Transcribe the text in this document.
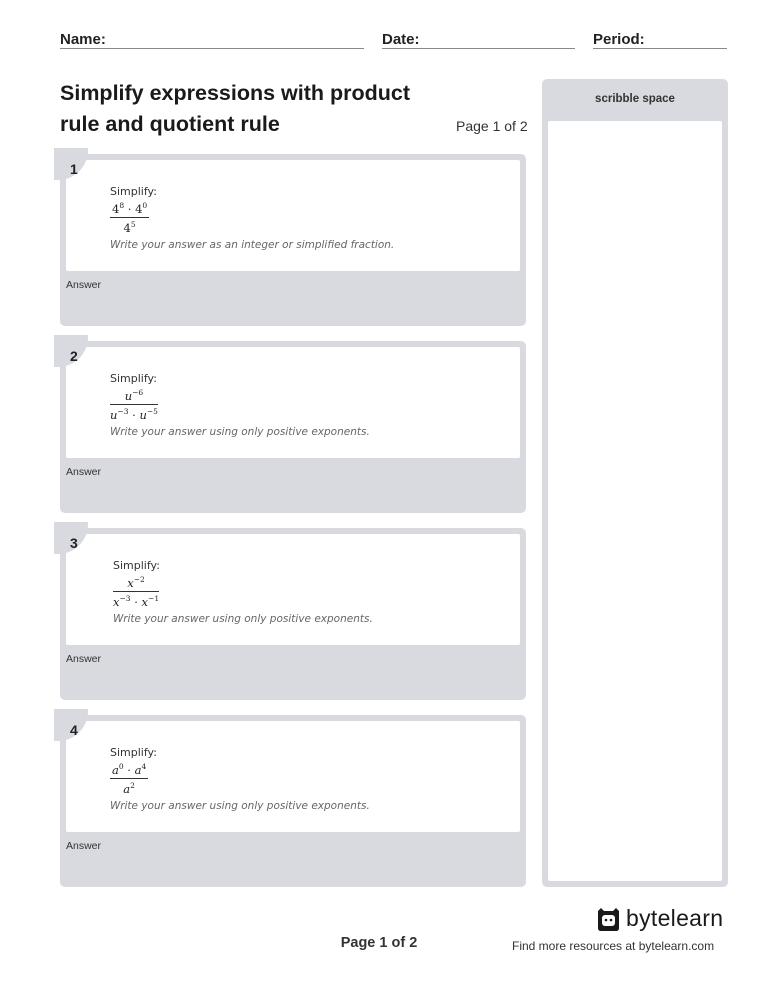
Name:	Date:	Period:
Simplify expressions with product
rule and quotient rule	Page 1 of 2
Simplify:
$\frac{4^8 \cdot 4^0}{4^5}$
Write your answer as an integer or simplified fraction.
1
Answer
Simplify:
$\frac{u^{-6}}{u^{-3} \cdot u^{-5}}$
Write your answer using only positive exponents.
2
Answer
Simplify:
$\frac{x^{-2}}{x^{-3} \cdot x^{-1}}$
Write your answer using only positive exponents.
3
Answer
Simplify:
$\frac{a^0 \cdot a^4}{a^2}$
Write your answer using only positive exponents.
4
Answer
scribble space
Page 1 of 2
bytelearn
Find more resources at bytelearn.com
